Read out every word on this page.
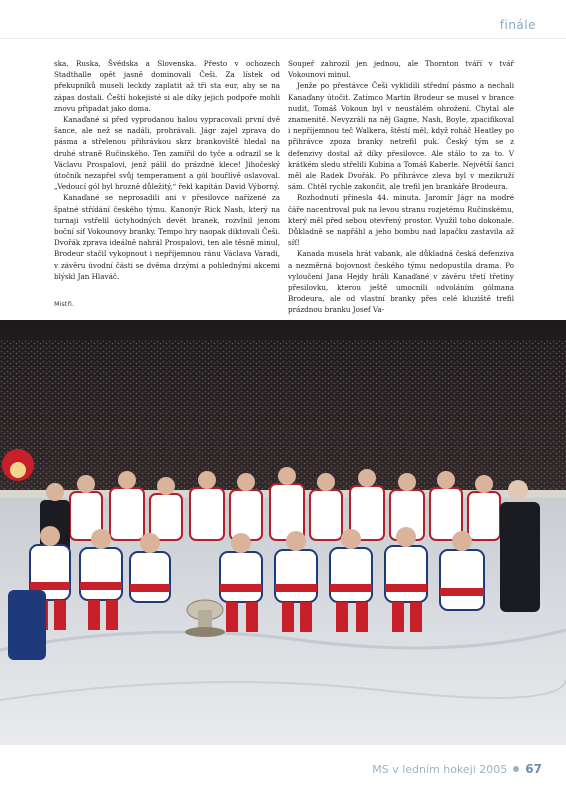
finále

ska, Ruska, Švédska a Slovenska. Přesto v ochozech Stadthalle opět jasně dominovali Češi. Za lístek od překupníků museli leckdy zaplatit až tři sta eur, aby se na zápas dostali. Čeští hokejisté si ale díky jejich podpoře mohli znovu připadat jako doma.

Kanaďané si před vyprodanou halou vypracovali první dvě šance, ale než se nadáli, prohrávali. Jágr zajel zprava do pásma a střelenou přihrávkou skrz brankoviště hledal na druhé straně Ručinského. Ten zamířil do tyče a odrazil se k Václavu Prospalovi, jenž pálil do prázdné klece! Jihočeský útočník nezapřel svůj temperament a gól bouřlivě oslavoval. „Vedoucí gól byl hrozně důležitý,“ řekl kapitán David Výborný.

Kanaďané se neprosadili ani v přesilovce nařízené za špatné střídání českého týmu. Kanonýr Rick Nash, který na turnaji vstřelil úctyhodných devět branek, rozvlnil jenom boční síť Vokounovy branky. Tempo hry naopak diktovali Češi. Dvořák zpravа ideálně nahrál Prospalovi, ten ale těsně minul, Brodeur stačil vykopnout i nepříjemnou ránu Václava Varadi, v závěru úvodní části se dvěma drzými a pohlednými akcemi blýskl Jan Hlaváč.

Soupeř zahrozil jen jednou, ale Thornton tváří v tvář Vokounovi minul.

Jenže po přestávce Češi vyklidili střední pásmo a nechali Kanaďany útočit. Zatímco Martin Brodeur se musel v brance nudit, Tomáš Vokoun byl v neustálém ohrožení. Chytal ale znamenitě. Nevyzráli na něj Gagne, Nash, Boyle, zpacifikoval i nepříjemnou teč Walkera, štěstí měl, když roháč Heatley po přihrávce zpoza branky netrefil puk. Český tým se z defenzivy dostal až díky přesilovce. Ale stálo to za to. V krátkém sledu střelili Kubina a Tomáš Kaberle. Největší šanci měl ale Radek Dvořák. Po příhrávce zleva byl v mezikruží sám. Chtěl rychle zakončit, ale trefil jen brankáře Brodeura.

Rozhodnutí přinesla 44. minuta. Jaromír Jágr na modré čáře nacentroval puk na levou stranu rozjetému Ručinskému, který měl před sebou otevřený prostor. Využil toho dokonale. Důkladně se napřáhl a jeho bombu nad lapačku zastavila až síť!

Kanada musela hrát vabank, ale důkladná česká defenziva a nezměrná bojovnost českého týmu nedopustila drama. Po vyloučení Jana Hejdy hráli Kanaďané v závěru třetí třetiny přesilovku, kterou ještě umocnili odvoláním gólmana Brodeura, ale od vlastní branky přes celé kluziště trefil prázdnou branku Josef Va-

Mistři.
MS v ledním hokeji 2005 67
